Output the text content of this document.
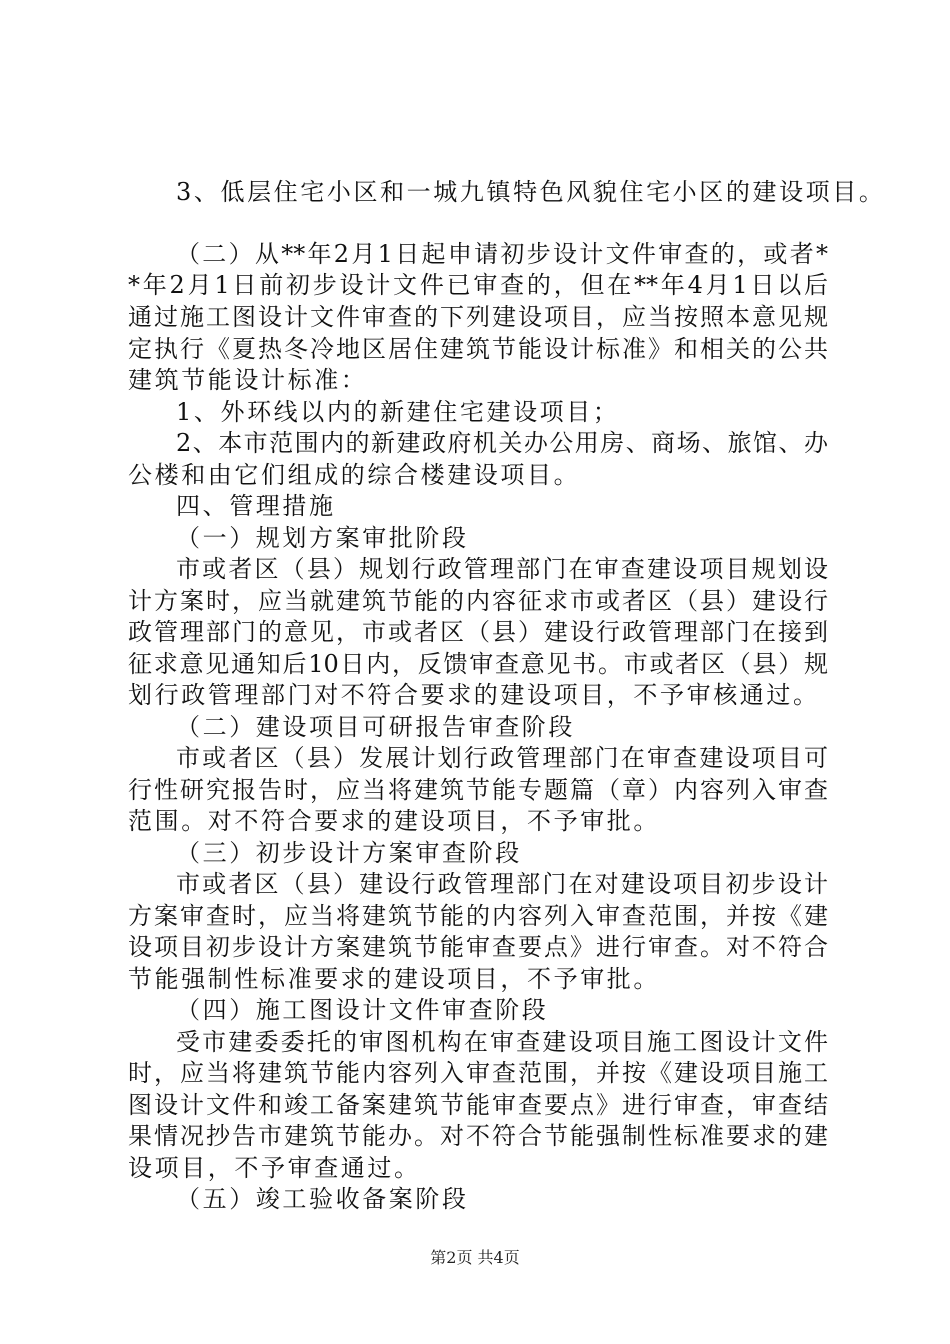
3、低层住宅小区和一城九镇特色风貌住宅小区的建设项目。
（二）从**年2月1日起申请初步设计文件审查的，或者*
*年2月1日前初步设计文件已审查的，但在**年4月1日以后
通过施工图设计文件审查的下列建设项目，应当按照本意见规
定执行《夏热冬冷地区居住建筑节能设计标准》和相关的公共
建筑节能设计标准：
1、外环线以内的新建住宅建设项目；
2、本市范围内的新建政府机关办公用房、商场、旅馆、办
公楼和由它们组成的综合楼建设项目。
四、管理措施
（一）规划方案审批阶段
市或者区（县）规划行政管理部门在审查建设项目规划设
计方案时，应当就建筑节能的内容征求市或者区（县）建设行
政管理部门的意见，市或者区（县）建设行政管理部门在接到
征求意见通知后10日内，反馈审查意见书。市或者区（县）规
划行政管理部门对不符合要求的建设项目，不予审核通过。
（二）建设项目可研报告审查阶段
市或者区（县）发展计划行政管理部门在审查建设项目可
行性研究报告时，应当将建筑节能专题篇（章）内容列入审查
范围。对不符合要求的建设项目，不予审批。
（三）初步设计方案审查阶段
市或者区（县）建设行政管理部门在对建设项目初步设计
方案审查时，应当将建筑节能的内容列入审查范围，并按《建
设项目初步设计方案建筑节能审查要点》进行审查。对不符合
节能强制性标准要求的建设项目，不予审批。
（四）施工图设计文件审查阶段
受市建委委托的审图机构在审查建设项目施工图设计文件
时，应当将建筑节能内容列入审查范围，并按《建设项目施工
图设计文件和竣工备案建筑节能审查要点》进行审查，审查结
果情况抄告市建筑节能办。对不符合节能强制性标准要求的建
设项目，不予审查通过。
（五）竣工验收备案阶段
第2页 共4页
